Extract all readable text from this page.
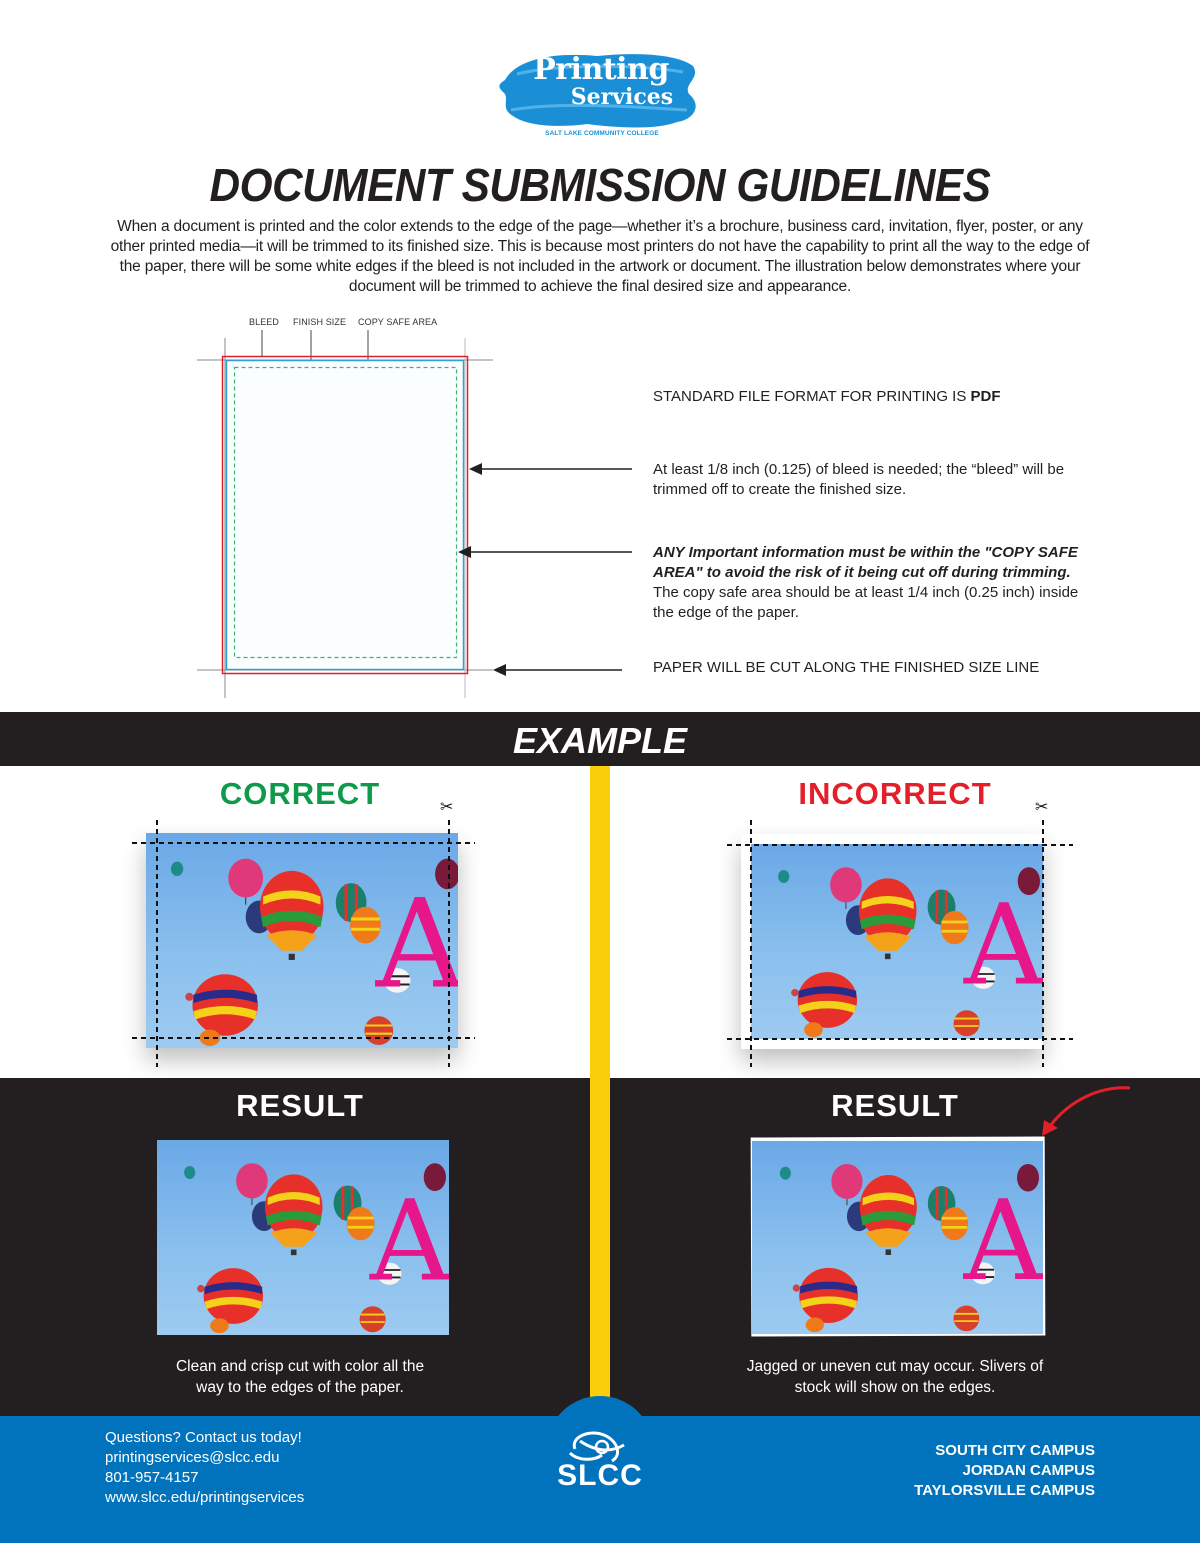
Printing
Services
SALT LAKE COMMUNITY COLLEGE
DOCUMENT SUBMISSION GUIDELINES
When a document is printed and the color extends to the edge of the page—whether it’s a brochure, business card, invitation, flyer, poster, or any other printed media—it will be trimmed to its finished size. This is because most printers do not have the capability to print all the way to the edge of the paper, there will be some white edges if the bleed is not included in the artwork or document. The illustration below demonstrates where your document will be trimmed to achieve the final desired size and appearance.
BLEED FINISH SIZE COPY SAFE AREA
STANDARD FILE FORMAT FOR PRINTING IS PDF
At least 1/8 inch (0.125) of bleed is needed; the “bleed” will be trimmed off to create the finished size.
ANY Important information must be within the "COPY SAFE AREA" to avoid the risk of it being cut off during trimming. The copy safe area should be at least 1/4 inch (0.25 inch) inside the edge of the paper.
PAPER WILL BE CUT ALONG THE FINISHED SIZE LINE
EXAMPLE
CORRECT	INCORRECT
✂	✂
RESULT	RESULT
Clean and crisp cut with color all the
way to the edges of the paper.
Jagged or uneven cut may occur. Slivers of
stock will show on the edges.
Questions? Contact us today!
printingservices@slcc.edu
801-957-4157
www.slcc.edu/printingservices
SLCC
SOUTH CITY CAMPUS
JORDAN CAMPUS
TAYLORSVILLE CAMPUS
